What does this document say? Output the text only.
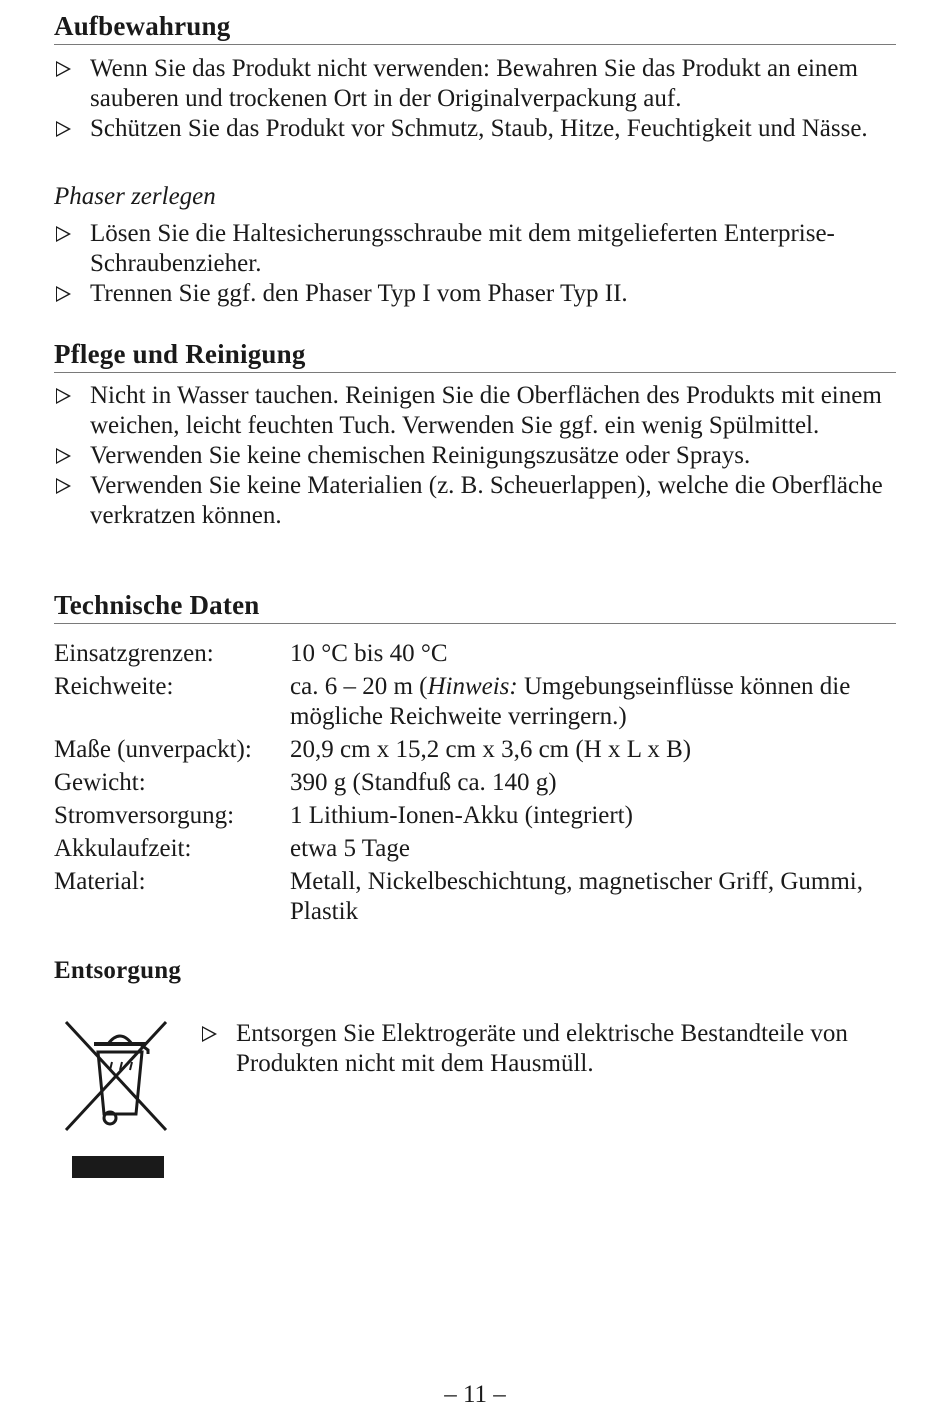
Aufbewahrung
Wenn Sie das Produkt nicht verwenden: Bewahren Sie das Produkt an einem sauberen und trockenen Ort in der Originalverpackung auf.
Schützen Sie das Produkt vor Schmutz, Staub, Hitze, Feuchtigkeit und Nässe.

Phaser zerlegen

Lösen Sie die Haltesicherungsschraube mit dem mitgelieferten Enterprise-Schraubenzieher.
Trennen Sie ggf. den Phaser Typ I vom Phaser Typ II.
Pflege und Reinigung
Nicht in Wasser tauchen. Reinigen Sie die Oberflächen des Produkts mit einem weichen, leicht feuchten Tuch. Verwenden Sie ggf. ein wenig Spülmittel.
Verwenden Sie keine chemischen Reinigungszusätze oder Sprays.
Verwenden Sie keine Materialien (z. B. Scheuerlappen), welche die Oberfläche verkratzen können.
Technische Daten
Einsatzgrenzen:	10 °C bis 40 °C
Reichweite:	ca. 6 – 20 m (Hinweis: Umgebungseinflüsse können die mögliche Reichweite verringern.)
Maße (unverpackt):	20,9 cm x 15,2 cm x 3,6 cm (H x L x B)
Gewicht:	390 g (Standfuß ca. 140 g)
Stromversorgung:	1 Lithium-Ionen-Akku (integriert)
Akkulaufzeit:	etwa 5 Tage
Material:	Metall, Nickelbeschichtung, magnetischer Griff, Gummi, Plastik
Entsorgung
Entsorgen Sie Elektrogeräte und elektrische Bestandteile von Produkten nicht mit dem Hausmüll.
– 11 –
